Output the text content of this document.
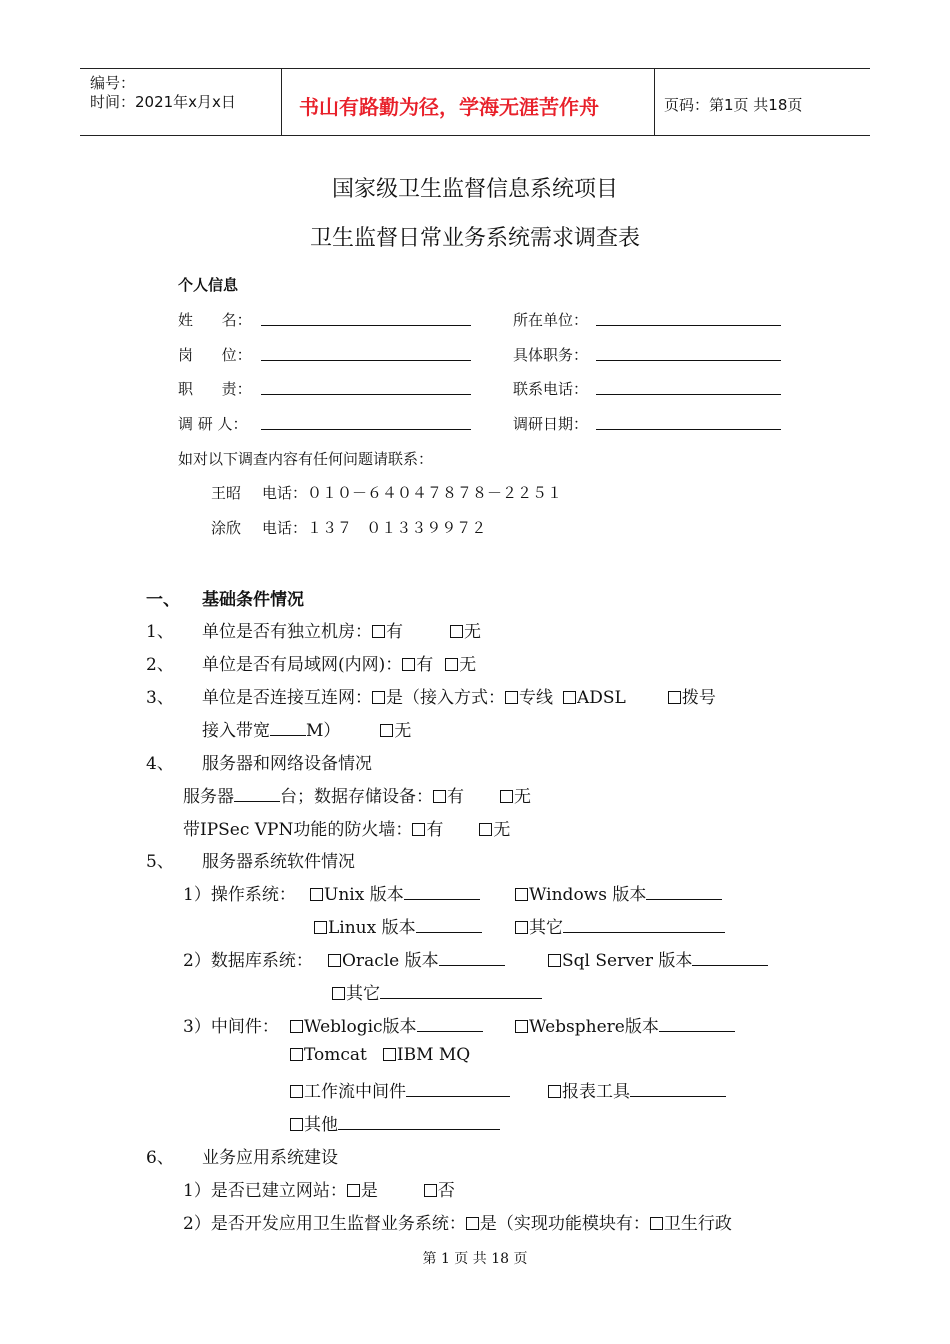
编号：
时间：2021年x月x日	书山有路勤为径，学海无涯苦作舟	页码：第1页 共18页
国家级卫生监督信息系统项目
卫生监督日常业务系统需求调查表
个人信息
姓      名：	所在单位：
岗      位：	具体职务：
职      责：	联系电话：
调 研 人：	调研日期：
如对以下调查内容有任何问题请联系：
王昭 电话：０１０－６４０４７８７８－２２５１
涂欣 电话：１３７   ０１３３９９７２
一、 基础条件情况
1、 单位是否有独立机房： 有	无
2、 单位是否有局域网(内网)： 有 无
3、 单位是否连接互连网： 是（接入方式： 专线 ADSL	拨号
接入带宽 M）	无
4、 服务器和网络设备情况
服务器	台；数据存储设备： 有	无
带IPSec VPN功能的防火墙： 有	无
5、 服务器系统软件情况
1）操作系统：	Unix 版本	Windows 版本
Linux 版本	其它
2）数据库系统：	Oracle 版本	Sql Server 版本
其它
3）中间件：	Weblogic版本	Websphere版本
Tomcat IBM MQ
工作流中间件	报表工具
其他
6、 业务应用系统建设
1）是否已建立网站： 是	否
2）是否开发应用卫生监督业务系统： 是（实现功能模块有： 卫生行政
第 1 页 共 18 页
